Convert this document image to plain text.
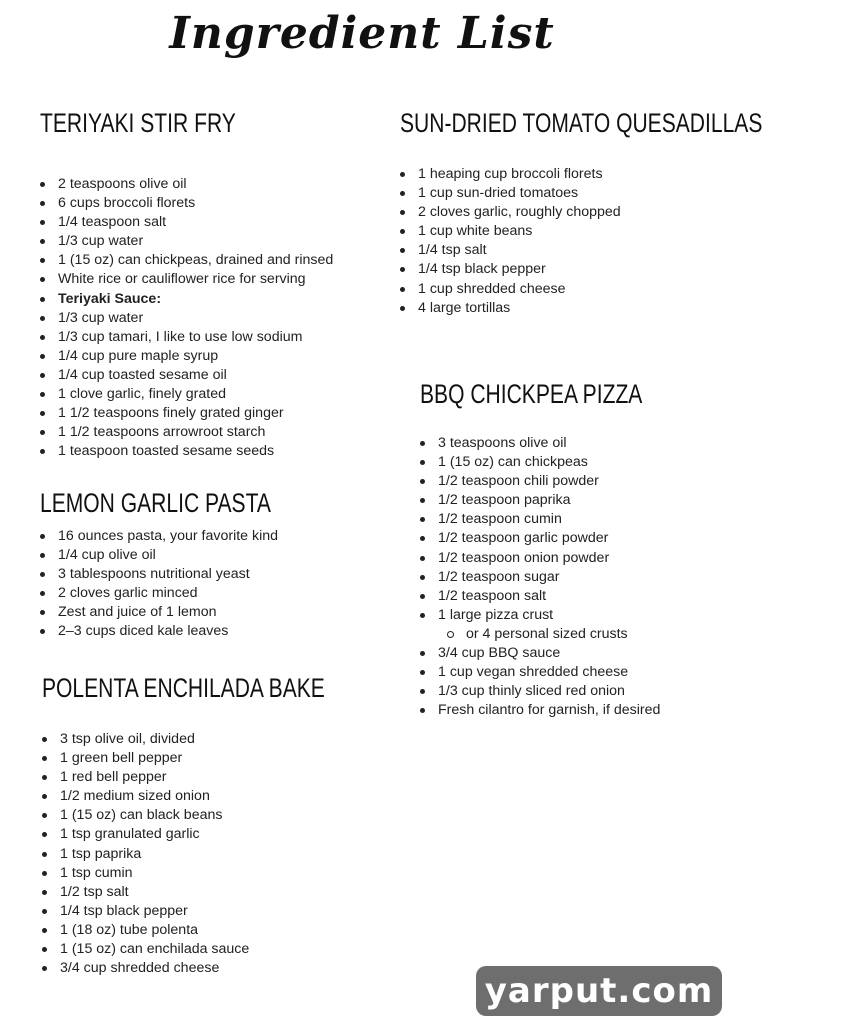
Ingredient List
TERIYAKI STIR FRY
2 teaspoons olive oil
6 cups broccoli florets
1/4 teaspoon salt
1/3 cup water
1 (15 oz) can chickpeas, drained and rinsed
White rice or cauliflower rice for serving
Teriyaki Sauce:
1/3 cup water
1/3 cup tamari, I like to use low sodium
1/4 cup pure maple syrup
1/4 cup toasted sesame oil
1 clove garlic, finely grated
1 1/2 teaspoons finely grated ginger
1 1/2 teaspoons arrowroot starch
1 teaspoon toasted sesame seeds
SUN-DRIED TOMATO QUESADILLAS
1 heaping cup broccoli florets
1 cup sun-dried tomatoes
2 cloves garlic, roughly chopped
1 cup white beans
1/4 tsp salt
1/4 tsp black pepper
1 cup shredded cheese
4 large tortillas
BBQ CHICKPEA PIZZA
3 teaspoons olive oil
1 (15 oz) can chickpeas
1/2 teaspoon chili powder
1/2 teaspoon paprika
1/2 teaspoon cumin
1/2 teaspoon garlic powder
1/2 teaspoon onion powder
1/2 teaspoon sugar
1/2 teaspoon salt
1 large pizza crust
or 4 personal sized crusts
3/4 cup BBQ sauce
1 cup vegan shredded cheese
1/3 cup thinly sliced red onion
Fresh cilantro for garnish, if desired
LEMON GARLIC PASTA
16 ounces pasta, your favorite kind
1/4 cup olive oil
3 tablespoons nutritional yeast
2 cloves garlic minced
Zest and juice of 1 lemon
2–3 cups diced kale leaves
POLENTA ENCHILADA BAKE
3 tsp olive oil, divided
1 green bell pepper
1 red bell pepper
1/2 medium sized onion
1 (15 oz) can black beans
1 tsp granulated garlic
1 tsp paprika
1 tsp cumin
1/2 tsp salt
1/4 tsp black pepper
1 (18 oz) tube polenta
1 (15 oz) can enchilada sauce
3/4 cup shredded cheese
yarput.com
